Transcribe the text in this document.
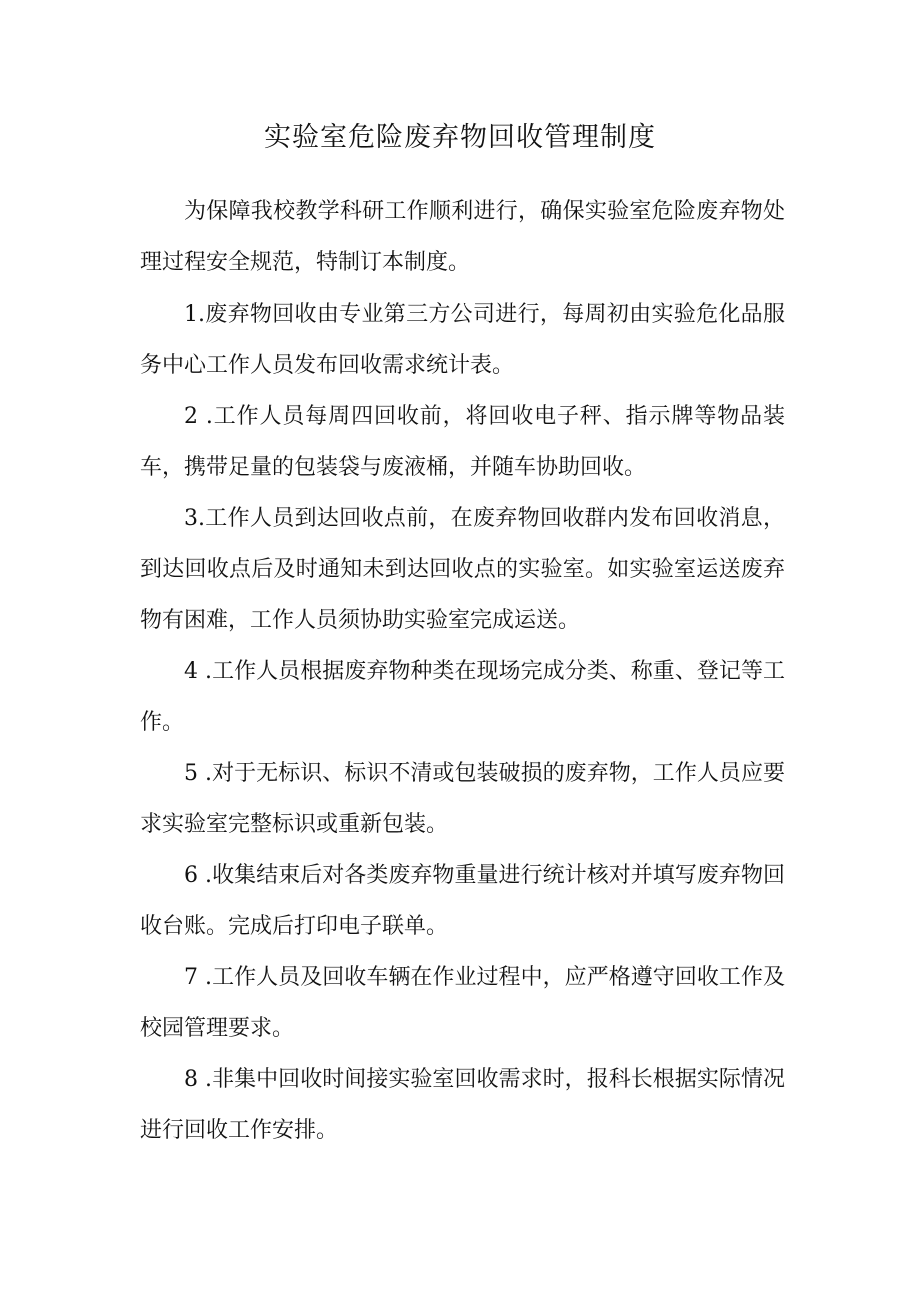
实验室危险废弃物回收管理制度

为保障我校教学科研工作顺利进行，确保实验室危险废弃物处理过程安全规范，特制订本制度。

1.废弃物回收由专业第三方公司进行，每周初由实验危化品服务中心工作人员发布回收需求统计表。

2 .工作人员每周四回收前，将回收电子秤、指示牌等物品装车，携带足量的包装袋与废液桶，并随车协助回收。

3.工作人员到达回收点前，在废弃物回收群内发布回收消息，到达回收点后及时通知未到达回收点的实验室。如实验室运送废弃物有困难，工作人员须协助实验室完成运送。

4 .工作人员根据废弃物种类在现场完成分类、称重、登记等工作。

5 .对于无标识、标识不清或包装破损的废弃物，工作人员应要求实验室完整标识或重新包装。

6 .收集结束后对各类废弃物重量进行统计核对并填写废弃物回收台账。完成后打印电子联单。

7 .工作人员及回收车辆在作业过程中，应严格遵守回收工作及校园管理要求。

8 .非集中回收时间接实验室回收需求时，报科长根据实际情况进行回收工作安排。
